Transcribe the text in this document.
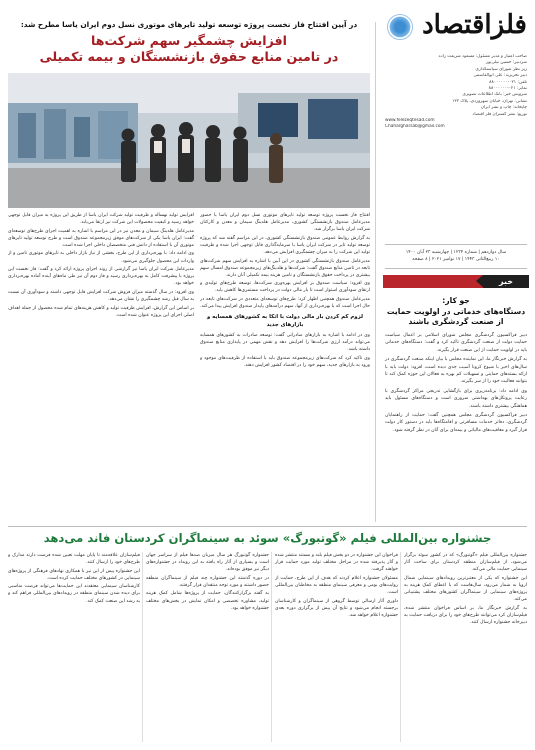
فلزاقتصاد

صاحب امتیاز و مدیر مسئول: مسعود شریعت زاده

سردبیر: حسین نیلی‌پور

زیر نظر شورای سیاستگذاری

دبیر تحریریه: علی ابوالقاسمی

تلفن: ۰۲۱-۸۸۰۰۰۰۰۰

نمابر: ۰۲۱-۸۸۰۰۰۰۰۰

سرویس خبر: بانک اطلاعات تصویری

نشانی: تهران، خیابان سهروردی، پلاک ۱۳۲

چاپخانه: چاپ و نشر ایران

توزیع: نشر گستران فلز اقتصاد

www.felezeqtesad.com

Chahargharsab@gmail.com

سال دوازدهم | شماره ۱۲۳۴ | چهارشنبه ۲۳ آبان ۱۴۰۰

۱۰ ربیع‌الثانی ۱۴۴۳ | ۱۷ نوامبر ۲۰۲۱ | ۸ صفحه

خبر
جو کار:
دستگاه‌های خدماتی در اولویت حمایت از صنعت گردشگری باشند

دبیر فراکسیون گردشگری مجلس شورای اسلامی بر اعمال سیاست حمایت دولت از صنعت گردشگری تاکید کرد و گفت: دستگاه‌های خدماتی باید در اولویت حمایت از این صنعت قرار بگیرند.

به گزارش خبرنگار ما، این نماینده مجلس با بیان اینکه صنعت گردشگری در سال‌های اخیر با شیوع کرونا آسیب جدی دیده است، افزود: دولت باید با ارائه بسته‌های حمایتی و تسهیلات کم بهره به فعالان این حوزه کمک کند تا بتوانند فعالیت خود را از سر بگیرند.

وی ادامه داد: برنامه‌ریزی برای بازگشایی تدریجی مراکز گردشگری با رعایت پروتکل‌های بهداشتی ضروری است و دستگاه‌های مسئول باید هماهنگی بیشتری داشته باشند.

دبیر فراکسیون گردشگری مجلس همچنین گفت: حمایت از راهنمایان گردشگری، دفاتر خدمات مسافرتی و اقامتگاه‌ها باید در دستور کار دولت قرار گیرد و معافیت‌های مالیاتی و بیمه‌ای برای آنان در نظر گرفته شود.

در آیین افتتاح فاز نخست پروژه توسعه تولید تایرهای موتوری نسل دوم ایران یاسا مطرح شد:
افزایش چشمگیر سهم شرکت‌ها
در تامین منابع حقوق بازنشستگان و بیمه تکمیلی

افتتاح فاز نخست پروژه توسعه تولید تایرهای موتوری نسل دوم ایران یاسا با حضور مدیرعامل صندوق بازنشستگی کشوری، مدیرعامل هلدینگ سیمان و معدن و کارکنان شرکت ایران یاسا برگزار شد.

به گزارش روابط عمومی صندوق بازنشستگی کشوری، در این مراسم گفته شد که پروژه توسعه تولید تایر در شرکت ایران یاسا با سرمایه‌گذاری قابل توجهی اجرا شده و ظرفیت تولید این شرکت را به میزان چشمگیری افزایش می‌دهد.

مدیرعامل صندوق بازنشستگی کشوری در این آیین با اشاره به افزایش سهم شرکت‌های تابعه در تامین منابع صندوق گفت: شرکت‌ها و هلدینگ‌های زیرمجموعه صندوق امسال سهم بیشتری در پرداخت حقوق بازنشستگان و تامین هزینه بیمه تکمیلی آنان دارند.

وی افزود: سیاست صندوق بر افزایش بهره‌وری شرکت‌ها، توسعه طرح‌های تولیدی و ارتقای سودآوری استوار است تا بار مالی دولت در پرداخت مستمری‌ها کاهش یابد.

مدیرعامل صندوق همچنین اظهار کرد: طرح‌های توسعه‌ای متعددی در شرکت‌های تابعه در حال اجرا است که با بهره‌برداری از آنها، سهم درآمدهای پایدار صندوق افزایش پیدا می‌کند.

لزوم کم کردن بار مالی دولت با اتکا به کشورهای همسایه و بازارهای جدید

وی در ادامه با اشاره به بازارهای صادراتی گفت: توسعه صادرات به کشورهای همسایه می‌تواند درآمد ارزی شرکت‌ها را افزایش دهد و نقش مهمی در پایداری منابع صندوق داشته باشد.

وی تاکید کرد که شرکت‌های زیرمجموعه صندوق باید با استفاده از ظرفیت‌های موجود و ورود به بازارهای جدید، سهم خود را در اقتصاد کشور افزایش دهند.

افزایش تولید نهساله و ظرفیت تولید شرکت ایران یاسا از طریق این پروژه به میزان قابل توجهی خواهد رسید و کیفیت محصولات این شرکت نیز ارتقا می‌یابد.

مدیرعامل هلدینگ سیمان و معدن نیز در این مراسم با اشاره به اهمیت اجرای طرح‌های توسعه‌ای گفت: ایران یاسا یکی از شرکت‌های موفق زیرمجموعه صندوق است و طرح توسعه تولید تایرهای موتوری آن با استفاده از دانش فنی متخصصان داخلی اجرا شده است.

وی ادامه داد: با بهره‌برداری از این طرح، بخشی از نیاز بازار داخلی به تایرهای موتوری تامین و از واردات این محصول جلوگیری می‌شود.

مدیرعامل شرکت ایران یاسا نیز گزارشی از روند اجرای پروژه ارائه کرد و گفت: فاز نخست این پروژه با پیشرفت کامل به بهره‌برداری رسید و فاز دوم آن نیز طی ماه‌های آینده آماده بهره‌برداری خواهد بود.

وی افزود: در سال گذشته میزان فروش شرکت افزایش قابل توجهی داشته و سودآوری آن نسبت به سال قبل رشد چشمگیری را نشان می‌دهد.

بر اساس این گزارش، افزایش ظرفیت تولید و کاهش هزینه‌های تمام شده محصول از جمله اهداف اصلی اجرای این پروژه عنوان شده است.

جشنواره بین‌المللی فیلم «گوتبورگ» سوئد به سینماگران کردستان فاند می‌دهد

جشنواره بین‌المللی فیلم «گوتبورگ» که در کشور سوئد برگزار می‌شود، از فیلم‌سازان منطقه کردستان برای ساخت آثار سینمایی حمایت مالی می‌کند.

این جشنواره که یکی از معتبرترین رویدادهای سینمایی شمال اروپا به شمار می‌رود، سال‌هاست که با اعطای کمک هزینه به پروژه‌های سینمایی از سینماگران کشورهای مختلف پشتیبانی می‌کند.

به گزارش خبرنگار ما، بر اساس فراخوان منتشر شده، فیلم‌سازان کرد می‌توانند طرح‌های خود را برای دریافت حمایت به دبیرخانه جشنواره ارسال کنند.

فراخوان این جشنواره در دو بخش فیلم بلند و مستند منتشر شده و آثار پذیرفته شده در مراحل مختلف تولید مورد حمایت قرار خواهند گرفت.

مسئولان جشنواره اعلام کردند که هدف از این طرح، حمایت از روایت‌های بومی و معرفی سینمای منطقه به مخاطبان بین‌المللی است.

داوری آثار ارسالی توسط گروهی از سینماگران و کارشناسان برجسته انجام می‌شود و نتایج آن پیش از برگزاری دوره بعدی جشنواره اعلام خواهد شد.

جشنواره گوتبورگ هر سال میزبان صدها فیلم از سراسر جهان است و بسیاری از آثار راه یافته به این رویداد در جشنواره‌های دیگر نیز موفق بوده‌اند.

در دوره گذشته این جشنواره چند فیلم از سینماگران منطقه حضور داشتند و مورد توجه منتقدان قرار گرفتند.

به گفته برگزارکنندگان، حمایت از پروژه‌ها شامل کمک هزینه تولید، مشاوره تخصصی و امکان نمایش در بخش‌های مختلف جشنواره خواهد بود.

فیلم‌سازان علاقه‌مند تا پایان مهلت تعیین شده فرصت دارند مدارک و طرح‌های خود را ارسال کنند.

این جشنواره پیش از این نیز با همکاری نهادهای فرهنگی از پروژه‌های سینمایی در کشورهای مختلف حمایت کرده است.

کارشناسان سینمایی معتقدند این حمایت‌ها می‌تواند فرصت مناسبی برای دیده شدن سینمای منطقه در رویدادهای بین‌المللی فراهم کند و به رشد این صنعت کمک کند.
